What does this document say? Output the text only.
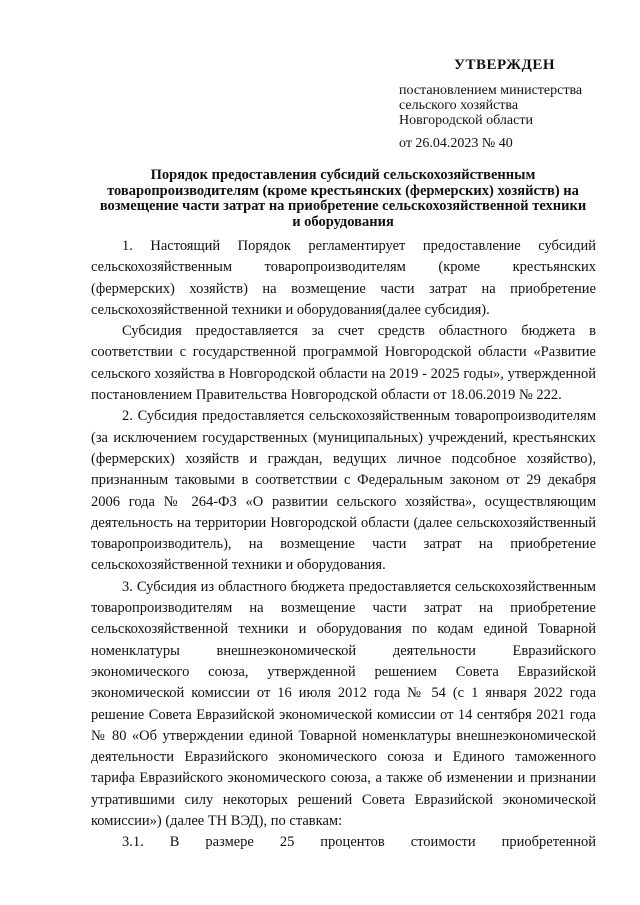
УТВЕРЖДЕН
постановлением министерства
сельского хозяйства
Новгородской области
от 26.04.2023 № 40
Порядок предоставления субсидий сельскохозяйственным
товаропроизводителям (кроме крестьянских (фермерских) хозяйств) на
возмещение части затрат на приобретение сельскохозяйственной техники
и оборудования

1. Настоящий Порядок регламентирует предоставление субсидий сельскохозяйственным товаропроизводителям (кроме крестьянских (фермерских) хозяйств) на возмещение части затрат на приобретение сельскохозяйственной техники и оборудования(далее субсидия).

Субсидия предоставляется за счет средств областного бюджета в соответствии с государственной программой Новгородской области «Развитие сельского хозяйства в Новгородской области на 2019 - 2025 годы», утвержденной постановлением Правительства Новгородской области от 18.06.2019 № 222.

2. Субсидия предоставляется сельскохозяйственным товаропроизводителям (за исключением государственных (муниципальных) учреждений, крестьянских (фермерских) хозяйств и граждан, ведущих личное подсобное хозяйство), признанным таковыми в соответствии с Федеральным законом от 29 декабря 2006 года № 264-ФЗ «О развитии сельского хозяйства», осуществляющим деятельность на территории Новгородской области (далее сельскохозяйственный товаропроизводитель), на возмещение части затрат на приобретение сельскохозяйственной техники и оборудования.

3. Субсидия из областного бюджета предоставляется сельскохозяйственным товаропроизводителям на возмещение части затрат на приобретение сельскохозяйственной техники и оборудования по кодам единой Товарной номенклатуры внешнеэкономической деятельности Евразийского экономического союза, утвержденной решением Совета Евразийской экономической комиссии от 16 июля 2012 года № 54 (с 1 января 2022 года решение Совета Евразийской экономической комиссии от 14 сентября 2021 года № 80 «Об утверждении единой Товарной номенклатуры внешнеэкономической деятельности Евразийского экономического союза и Единого таможенного тарифа Евразийского экономического союза, а также об изменении и признании утратившими силу некоторых решений Совета Евразийской экономической комиссии») (далее ТН ВЭД), по ставкам:

3.1. В размере 25 процентов стоимости приобретенной
